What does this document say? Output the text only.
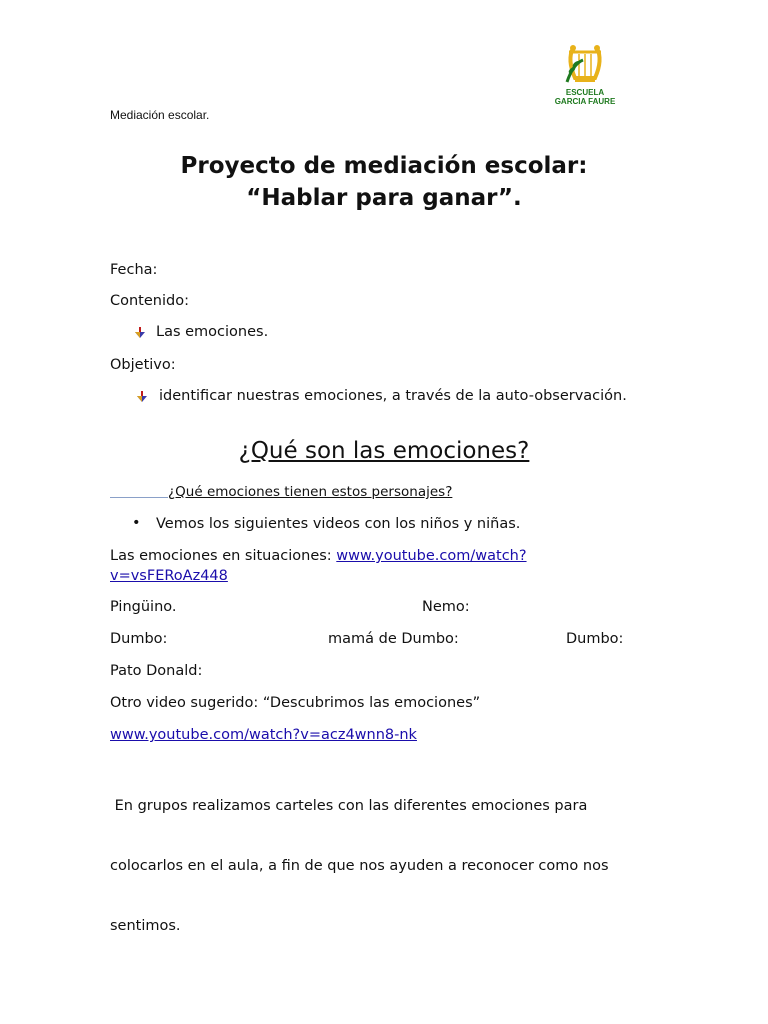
Mediación escolar.
ESCUELA
GARCIA FAURE
Proyecto de mediación escolar:
“Hablar para ganar”.
Fecha:
Contenido:
Las emociones.
Objetivo:
identificar nuestras emociones, a través de la auto-observación.
¿Qué son las emociones?
¿Qué emociones tienen estos personajes?
• Vemos los siguientes videos con los niños y niñas.
Las emociones en situaciones: www.youtube.com/watch?
v=vsFERoAz448
Pingüino.	Nemo:
Dumbo:	mamá de Dumbo:	Dumbo:
Pato Donald:
Otro video sugerido: “Descubrimos las emociones”
www.youtube.com/watch?v=acz4wnn8-nk

En grupos realizamos carteles con las diferentes emociones para

colocarlos en el aula, a fin de que nos ayuden a reconocer como nos

sentimos.
